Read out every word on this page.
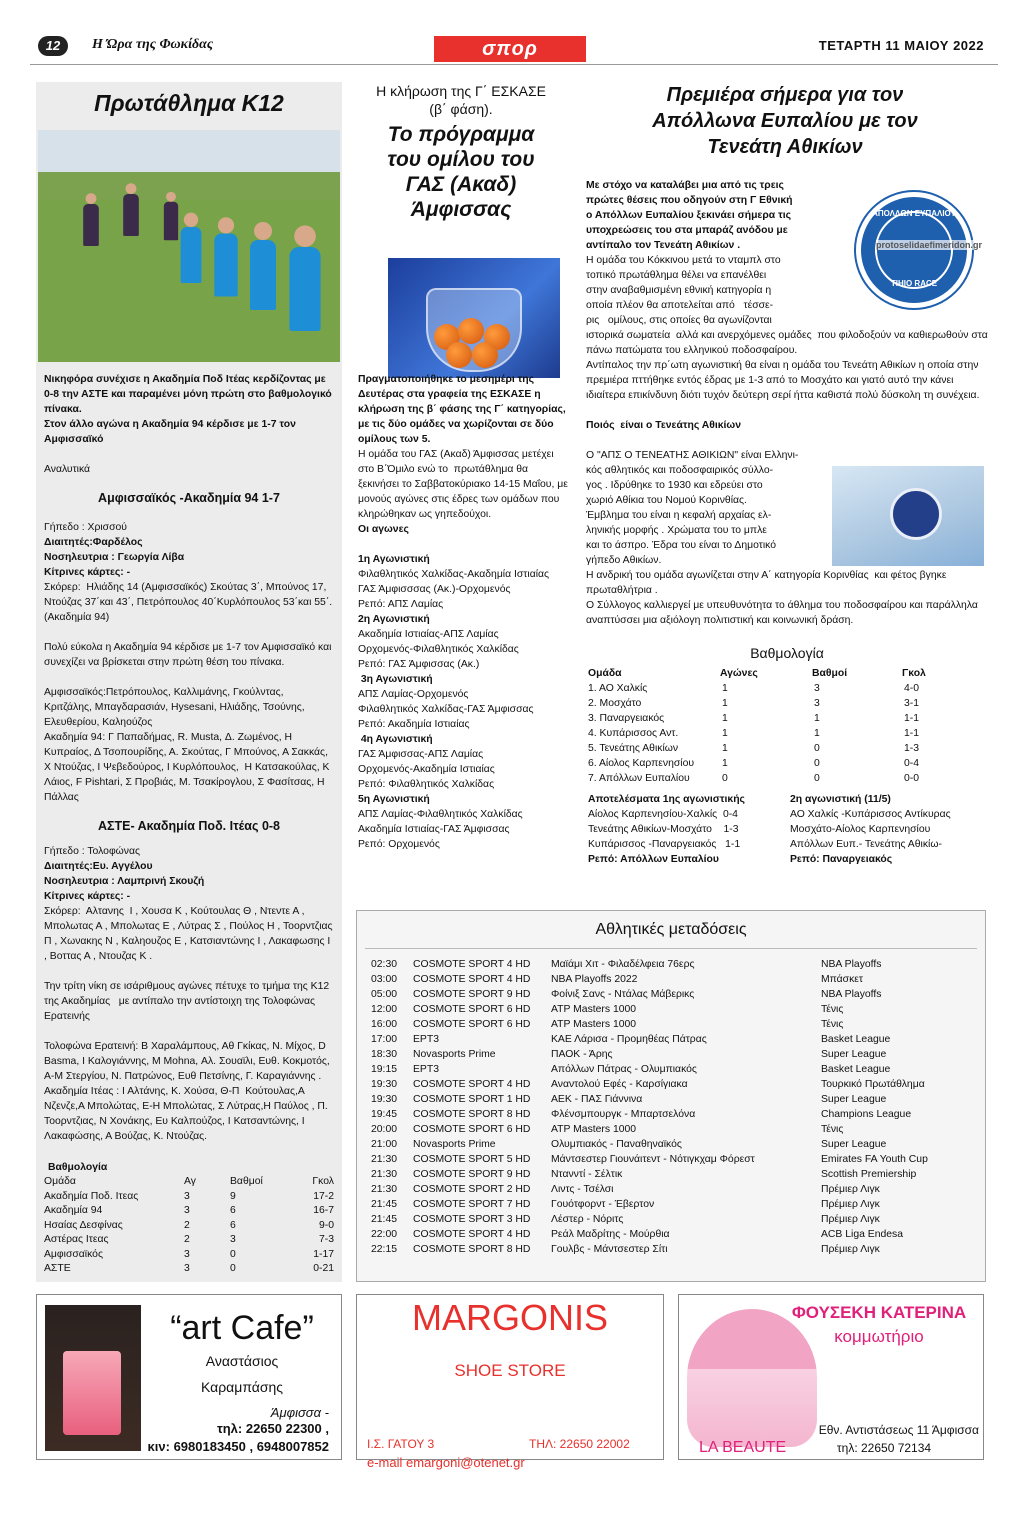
12	Η Ώρα της Φωκίδας	σπορ	ΤΕΤΑΡΤΗ 11 ΜΑΙΟΥ 2022
Πρωτάθλημα Κ12

Νικηφόρα συνέχισε η Ακαδημία Ποδ Ιτέας κερδίζοντας με 0-8 την ΑΣΤΕ και παραμένει μόνη πρώτη στο βαθμολογικό πίνακα.

Στον άλλο αγώνα η Ακαδημία 94 κέρδισε με 1-7 τον Αμφισσαϊκό

Αναλυτικά

Αμφισσαϊκός -Ακαδημία 94 1-7

Γήπεδο : Χρισσού

Διαιτητές:Φαρδέλος

Νοσηλευτρια : Γεωργία Λίβα

Κίτρινες κάρτες: -

Σκόρερ:  Ηλιάδης 14 (Αμφισσαϊκός) Σκούτας 3΄, Μπούνος 17, Ντούζας 37΄και 43΄, Πετρόπουλος 40΄Κυρλόπουλος 53΄και 55΄.(Ακαδημία 94)

Πολύ εύκολα η Ακαδημία 94 κέρδισε με 1-7 τον Αμφισσαϊκό και συνεχίζει να βρίσκεται στην πρώτη θέση του πίνακα.

Αμφισσαϊκός:Πετρόπουλος, Καλλιμάνης, Γκούλντας, Κριτζάλης, Μπαγδαρασιάν, Hysesani, Ηλιάδης, Τσούνης, Ελευθερίου, Καληούζος

Ακαδημία 94: Γ Παπαδήμας, R. Musta, Δ. Ζωμένος, Η Κυπραίος, Δ Τσοπουρίδης, Α. Σκούτας, Γ Μπούνος, Α Σακκάς, Χ Ντούζας, Ι Ψεβεδούρος, Ι Κυρλόπουλος,  Η Κατσακούλας, Κ Λάιος, F Pishtari, Σ Προβιάς, Μ. Τσακίρογλου, Σ Φασίτσας, Η Πάλλας

ΑΣΤΕ- Ακαδημία Ποδ. Ιτέας 0-8

Γήπεδο : Τολοφώνας

Διαιτητές:Ευ. Αγγέλου

Νοσηλευτρια : Λαμπρινή Σκουζή

Κίτρινες κάρτες: -

Σκόρερ:  Αλτανης  Ι , Χουσα Κ , Κούτουλας Θ , Ντεντε Α , Μπολωτας Α , Μπολωτας Ε , Λύτρας Σ , Πούλος Η , Τοορντζιας Π , Χωνακης Ν , Καληουζος Ε , Κατσιαντώνης Ι , Λακαφωσης Ι , Βοττας Α , Ντουζας Κ .

Την τρίτη νίκη σε ισάριθμους αγώνες πέτυχε το τμήμα της Κ12 της Ακαδημίας   με αντίπαλο την αντίστοιχη της Τολοφώνας Ερατεινής

Τολοφώνα Ερατεινή: Β Χαραλάμπους, Αθ Γκίκας, Ν. Μίχος, D Basma, Ι Καλογιάννης, Μ Mohna, Αλ. Σουαϊλι, Ευθ. Κοκμοτός, Α-Μ Στεργίου, Ν. Πατρώνος, Ευθ Πετσίνης, Γ. Καραγιάννης .

Ακαδημία Ιτέας : Ι Αλτάνης, Κ. Χούσα, Θ-Π  Κούτουλας,Α Νζενζε,Α Μπολώτας, Ε-Η Μπολώτας, Σ Λύτρας,Η Παύλος , Π. Τοορντζιας, Ν Χονάκης, Ευ Καλπούζος, Ι Κατσαντώνης, Ι Λακαφώσης, Α Βούζας, Κ. Ντούζας.

Βαθμολογία

Ομάδα	Αγ	Βαθμοί	Γκολ
Ακαδημία Ποδ. Ιτεας	3	9	17-2
Ακαδημία 94	3	6	16-7
Ησαίας Δεσφίνας	2	6	9-0
Αστέρας Ιτεας	2	3	7-3
Αμφισσαϊκός	3	0	1-17
ΑΣΤΕ	3	0	0-21
Η κλήρωση της Γ΄ ΕΣΚΑΣΕ
(β΄ φάση).
Το πρόγραμμα
του ομίλου του
ΓΑΣ (Ακαδ)
Άμφισσας

Πραγματοποιήθηκε το μεσημέρι της Δευτέρας στα γραφεία της ΕΣΚΑΣΕ η κλήρωση της β΄ φάσης της Γ΄ κατηγορίας, με τις δύο ομάδες να χωρίζονται σε δύο ομίλους των 5.

Η ομάδα του ΓΑΣ (Ακαδ) Άμφισσας μετέχει στο Β΄Όμιλο ενώ το  πρωτάθλημα θα ξεκινήσει το Σαββατοκύριακο 14-15 Μαΐου, με μονούς αγώνες στις έδρες των ομάδων που κληρώθηκαν ως γηπεδούχοι.

Οι αγωνες

1η Αγωνιστική

Φιλαθλητικός Χαλκίδας-Ακαδημία Ιστιαίας

ΓΑΣ Άμφισσσας (Ακ.)-Ορχομενός

Ρεπό: ΑΠΣ Λαμίας

2η Αγωνιστική

Ακαδημία Ιστιαίας-ΑΠΣ Λαμίας

Ορχομενός-Φιλαθλητικός Χαλκίδας

Ρεπό: ΓΑΣ Άμφισσας (Ακ.)

3η Αγωνιστική

ΑΠΣ Λαμίας-Ορχομενός

Φιλαθλητικός Χαλκίδας-ΓΑΣ Άμφισσας

Ρεπό: Ακαδημία Ιστιαίας

4η Αγωνιστική

ΓΑΣ Άμφισσας-ΑΠΣ Λαμίας

Ορχομενός-Ακαδημία Ιστιαίας

Ρεπό: Φιλαθλητικός Χαλκίδας

5η Αγωνιστική

ΑΠΣ Λαμίας-Φιλαθλητικός Χαλκίδας

Ακαδημία Ιστιαίας-ΓΑΣ Άμφισσας

Ρεπό: Ορχομενός

Πρεμιέρα σήμερα για τον
Απόλλωνα Ευπαλίου με τον
Τενεάτη Αθικίων
ΑΠΟΛΛΩΝ ΕΥΠΑΛΙΟΥ
ΤΙΗΙΟ RACE
protoselidaefimeridon.gr

Με στόχο να καταλάβει μια από τις τρεις
πρώτες θέσεις που οδηγούν στη Γ Εθνική
ο Απόλλων Ευπαλίου ξεκινάει σήμερα τις
υποχρεώσεις του στα μπαράζ ανόδου με
αντίπαλο τον Τενεάτη Αθικίων .

Η ομάδα του Κόκκινου μετά το νταμπλ στο
τοπικό πρωτάθλημα θέλει να επανέλθει
στην αναβαθμισμένη εθνική κατηγορία η
οποία πλέον θα αποτελείται από   τέσσε-
ρις   ομίλους, στις οποίες θα αγωνίζονται

ιστορικά σωματεία  αλλά και ανερχόμενες ομάδες  που φιλοδοξούν να καθιερωθούν στα πάνω πατώματα του ελληνικού ποδοσφαίρου.

Αντίπαλος την πρ΄ωτη αγωνιστική θα είναι η ομάδα του Τενεάτη Αθικίων η οποία στην πρεμιέρα πττήθηκε εντός έδρας με 1-3 από το Μοσχάτο και γιατό αυτό την κάνει ιδιαίτερα επικίνδυνη διότι τυχόν δεύτερη σερί ήττα καθιστά πολύ δύσκολη τη συνέχεια.

Ποιός  είναι ο Τενεάτης Αθικίων

Ο "ΑΠΣ Ο ΤΕΝΕΑΤΗΣ ΑΘΙΚΙΩΝ" είναι Ελληνι-
κός αθλητικός και ποδοσφαιρικός σύλλο-
γος . Ιδρύθηκε το 1930 και εδρεύει στο
χωριό Αθίκια του Νομού Κορινθίας.

Έμβλημα του είναι η κεφαλή αρχαίας ελ-
ληνικής μορφής . Χρώματα του το μπλε
και το άσπρο. Έδρα του είναι το Δημοτικό
γήπεδο Αθικίων.

Η ανδρική του ομάδα αγωνίζεται στην Α΄ κατηγορία Κορινθίας  και φέτος βγηκε πρωταθλήτρια .

Ο Σύλλογος καλλιεργεί με υπευθυνότητα το άθλημα του ποδοσφαίρου και παράλληλα αναπτύσσει μια αξιόλογη πολιτιστική και κοινωνική δράση.

Βαθμολογία
Ομάδα	Αγώνες	Βαθμοί	Γκολ
1. ΑΟ Χαλκίς	1	3	4-0
2. Μοσχάτο	1	3	3-1
3. Παναργειακός	1	1	1-1
4. Κυπάρισσος Αντ.	1	1	1-1
5. Τενεάτης Αθικίων	1	0	1-3
6. Αίολος Καρπενησίου	1	0	0-4
7. Απόλλων Ευπαλίου	0	0	0-0

Αποτελέσματα 1ης αγωνιστικής

Αίολος Καρπενησίου-Χαλκίς  0-4

Τενεάτης Αθικίων-Μοσχάτο    1-3

Κυπάρισσος -Παναργειακός   1-1

Ρεπό: Απόλλων Ευπαλίου

2η αγωνιστική (11/5)

ΑΟ Χαλκίς -Κυπάρισσος Αντίκυρας

Μοσχάτο-Αίολος Καρπενησίου

Απόλλων Ευπ.- Τενεάτης Αθικίω-

Ρεπό: Παναργειακός

Αθλητικές μεταδόσεις
02:30 COSMOTE SPORT 4 HD Μαϊάμι Χιτ - Φιλαδέλφεια 76ερς	NBA Playoffs
03:00 COSMOTE SPORT 4 HD NBA Playoffs 2022	Μπάσκετ
05:00 COSMOTE SPORT 9 HD Φοίνιξ Σανς - Ντάλας Μάβερικς	NBA Playoffs
12:00 COSMOTE SPORT 6 HD ATP Masters 1000	Τένις
16:00 COSMOTE SPORT 6 HD ATP Masters 1000	Τένις
17:00 ΕΡΤ3	ΚΑΕ Λάρισα - Προμηθέας Πάτρας	Basket League
18:30 Novasports Prime	ΠΑΟΚ - Άρης	Super League
19:15 ΕΡΤ3	Απόλλων Πάτρας - Ολυμπιακός	Basket League
19:30 COSMOTE SPORT 4 HD Αναντολού Εφές - Καρσίγιακα	Τουρκικό Πρωτάθλημα
19:30 COSMOTE SPORT 1 HD ΑΕΚ - ΠΑΣ Γιάννινα	Super League
19:45 COSMOTE SPORT 8 HD Φλένσμπουργκ - Μπαρτσελόνα	Champions League
20:00 COSMOTE SPORT 6 HD ATP Masters 1000	Τένις
21:00 Novasports Prime	Ολυμπιακός - Παναθηναϊκός	Super League
21:30 COSMOTE SPORT 5 HD Μάντσεστερ Γιουνάιτεντ - Νότιγκχαμ Φόρεστ	Emirates FA Youth Cup
21:30 COSMOTE SPORT 9 HD Ντανντί - Σέλτικ	Scottish Premiership
21:30 COSMOTE SPORT 2 HD Λιντς - Τσέλσι	Πρέμιερ Λιγκ
21:45 COSMOTE SPORT 7 HD Γουότφορντ - Έβερτον	Πρέμιερ Λιγκ
21:45 COSMOTE SPORT 3 HD Λέστερ - Νόριτς	Πρέμιερ Λιγκ
22:00 COSMOTE SPORT 4 HD Ρεάλ Μαδρίτης - Μούρθια	ACB Liga Endesa
22:15 COSMOTE SPORT 8 HD Γουλβς - Μάντσεστερ Σίτι	Πρέμιερ Λιγκ
“art Cafe”
Αναστάσιος
Καραμπάσης
Άμφισσα -
τηλ: 22650 22300 ,
κιν: 6980183450 , 6948007852
MARGONIS
SHOE STORE
Ι.Σ. ΓΑΤΟΥ 3	ΤΗΛ: 22650 22002
e-mail emargoni@otenet.gr
ΦΟΥΣΕΚΗ ΚΑΤΕΡΙΝΑ
κομμωτήριο
Εθν. Αντιστάσεως 11 Άμφισσα
LA BEAUTE	τηλ: 22650 72134
